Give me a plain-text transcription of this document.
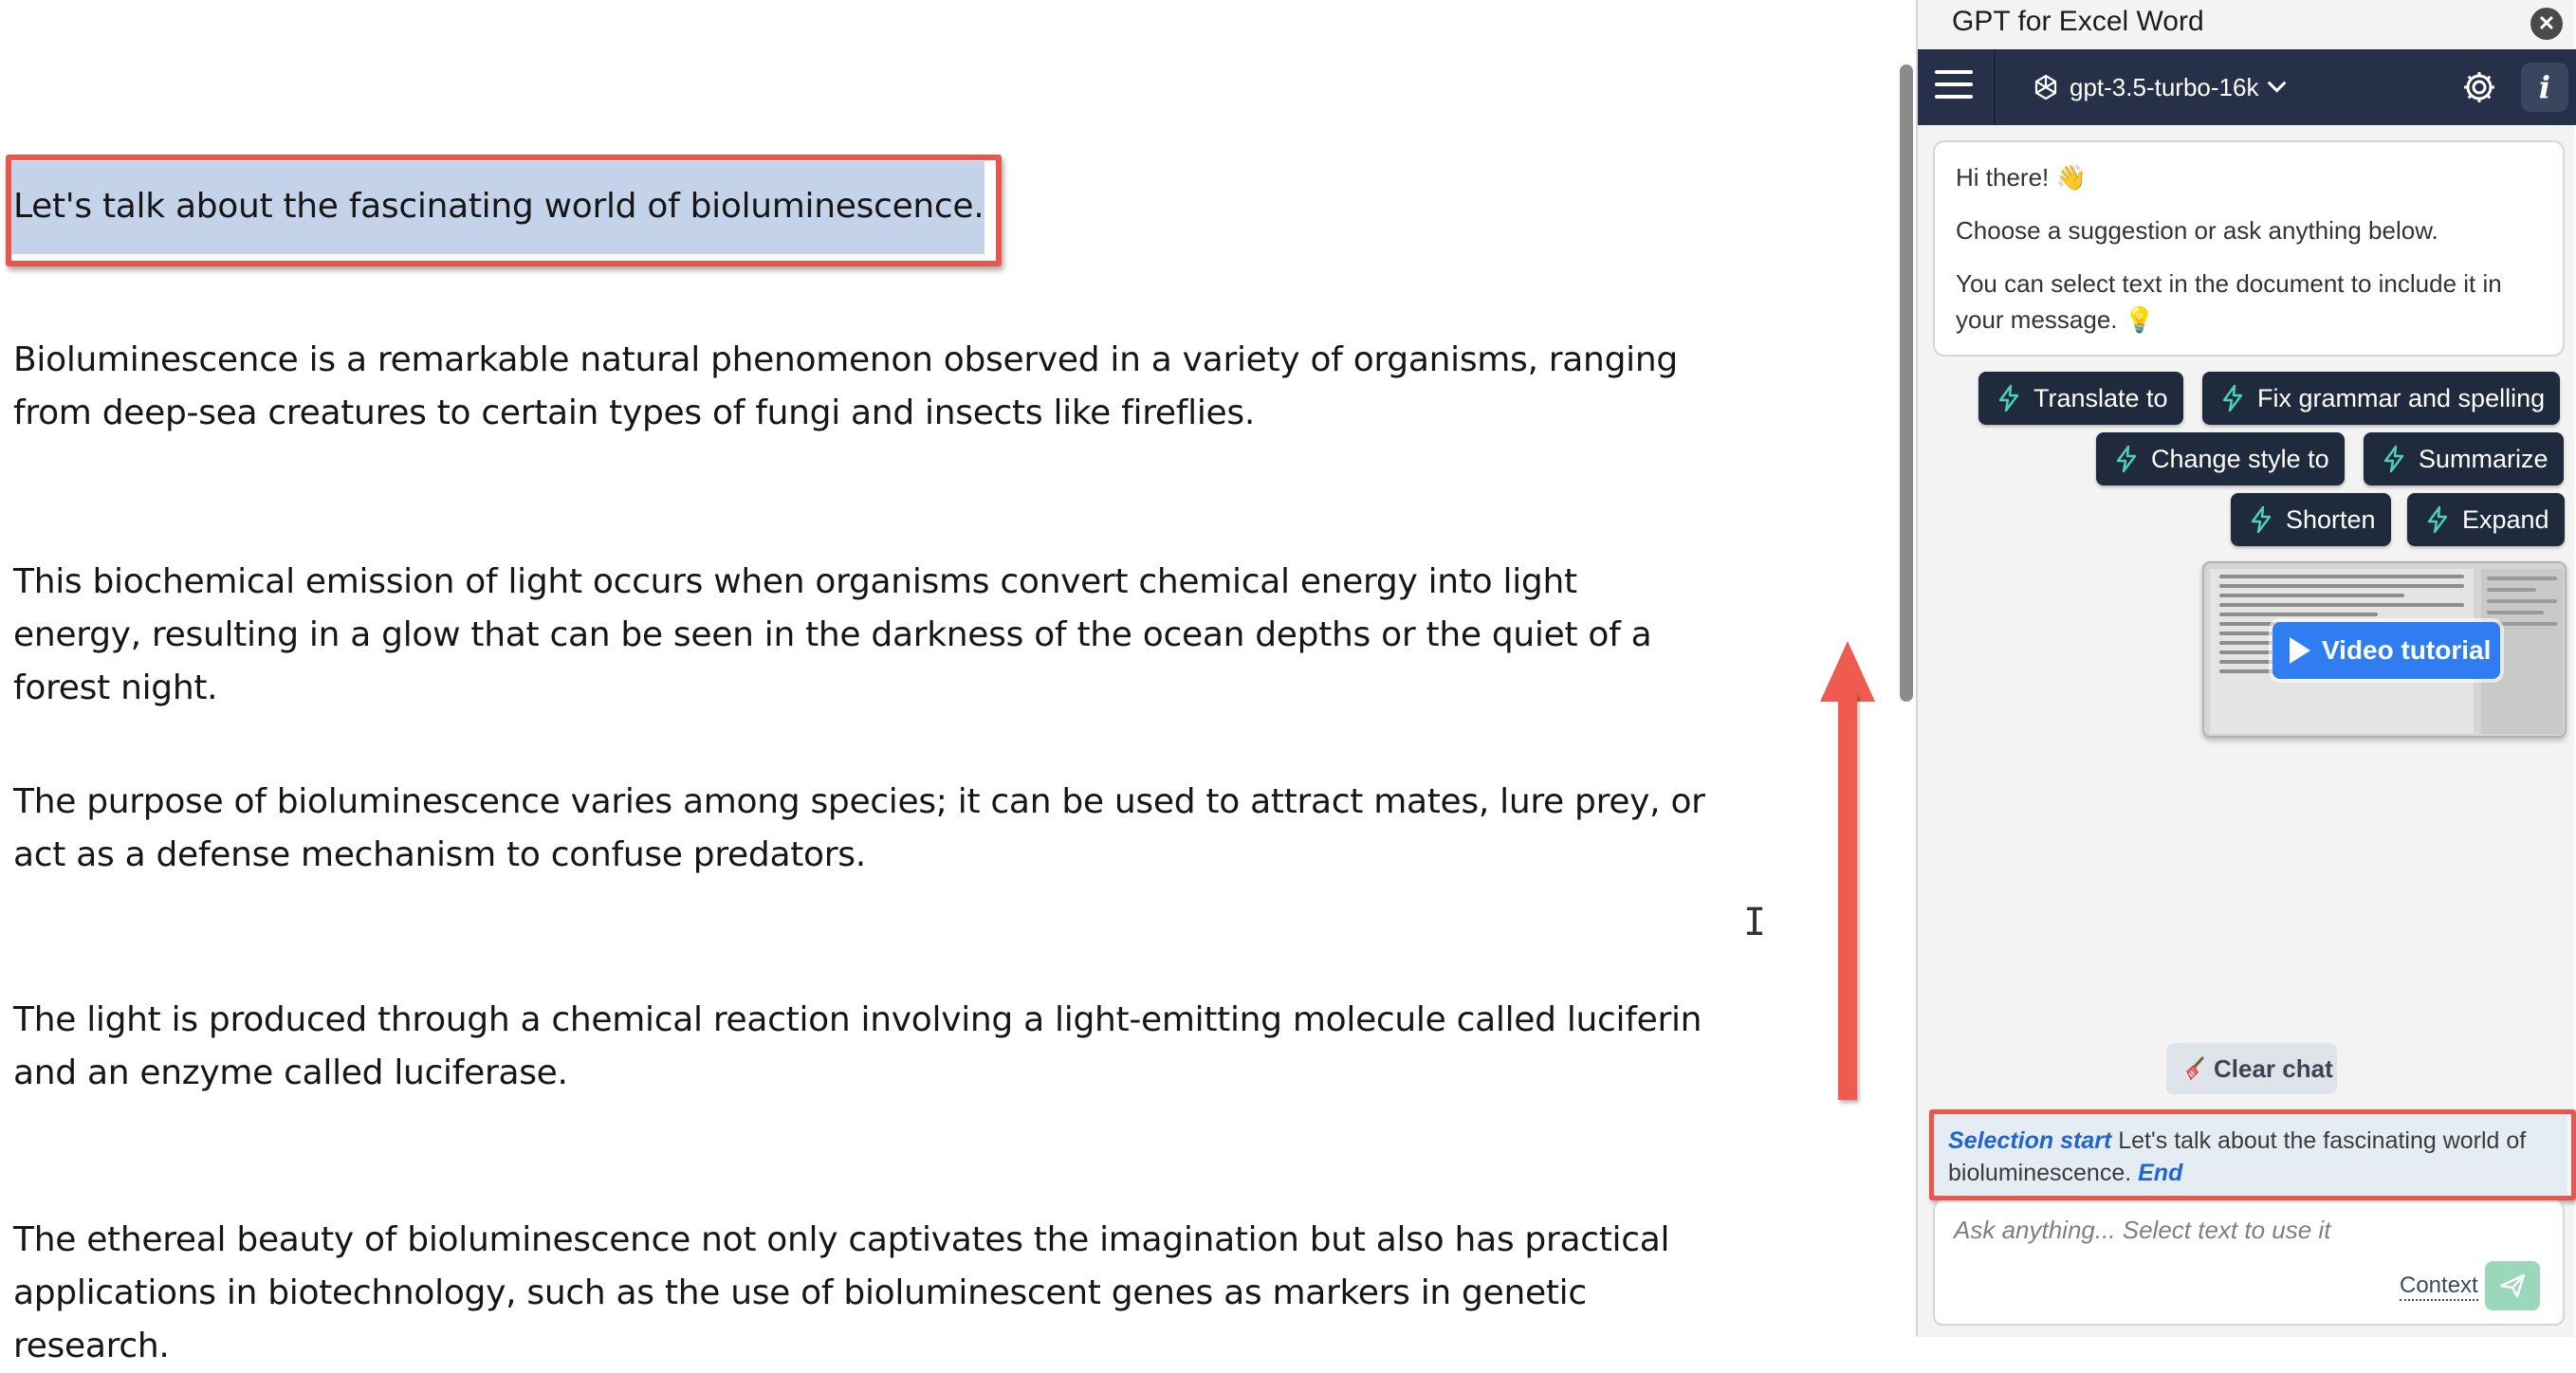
Let's talk about the fascinating world of bioluminescence.
Bioluminescence is a remarkable natural phenomenon observed in a variety of organisms, ranging from deep-sea creatures to certain types of fungi and insects like fireflies.
This biochemical emission of light occurs when organisms convert chemical energy into light energy, resulting in a glow that can be seen in the darkness of the ocean depths or the quiet of a forest night.
The purpose of bioluminescence varies among species; it can be used to attract mates, lure prey, or act as a defense mechanism to confuse predators.
The light is produced through a chemical reaction involving a light-emitting molecule called luciferin and an enzyme called luciferase.
The ethereal beauty of bioluminescence not only captivates the imagination but also has practical applications in biotechnology, such as the use of bioluminescent genes as markers in genetic research.
I
GPT for Excel Word	✕
gpt-3.5-turbo-16k	i

Hi there! 👋

Choose a suggestion or ask anything below.

You can select text in the document to include it in your message. 💡

Translate to	Fix grammar and spelling
Change style to	Summarize
Shorten	Expand
Video tutorial
Clear chat
Selection start Let's talk about the fascinating world of bioluminescence. End
Ask anything... Select text to use it
Context
